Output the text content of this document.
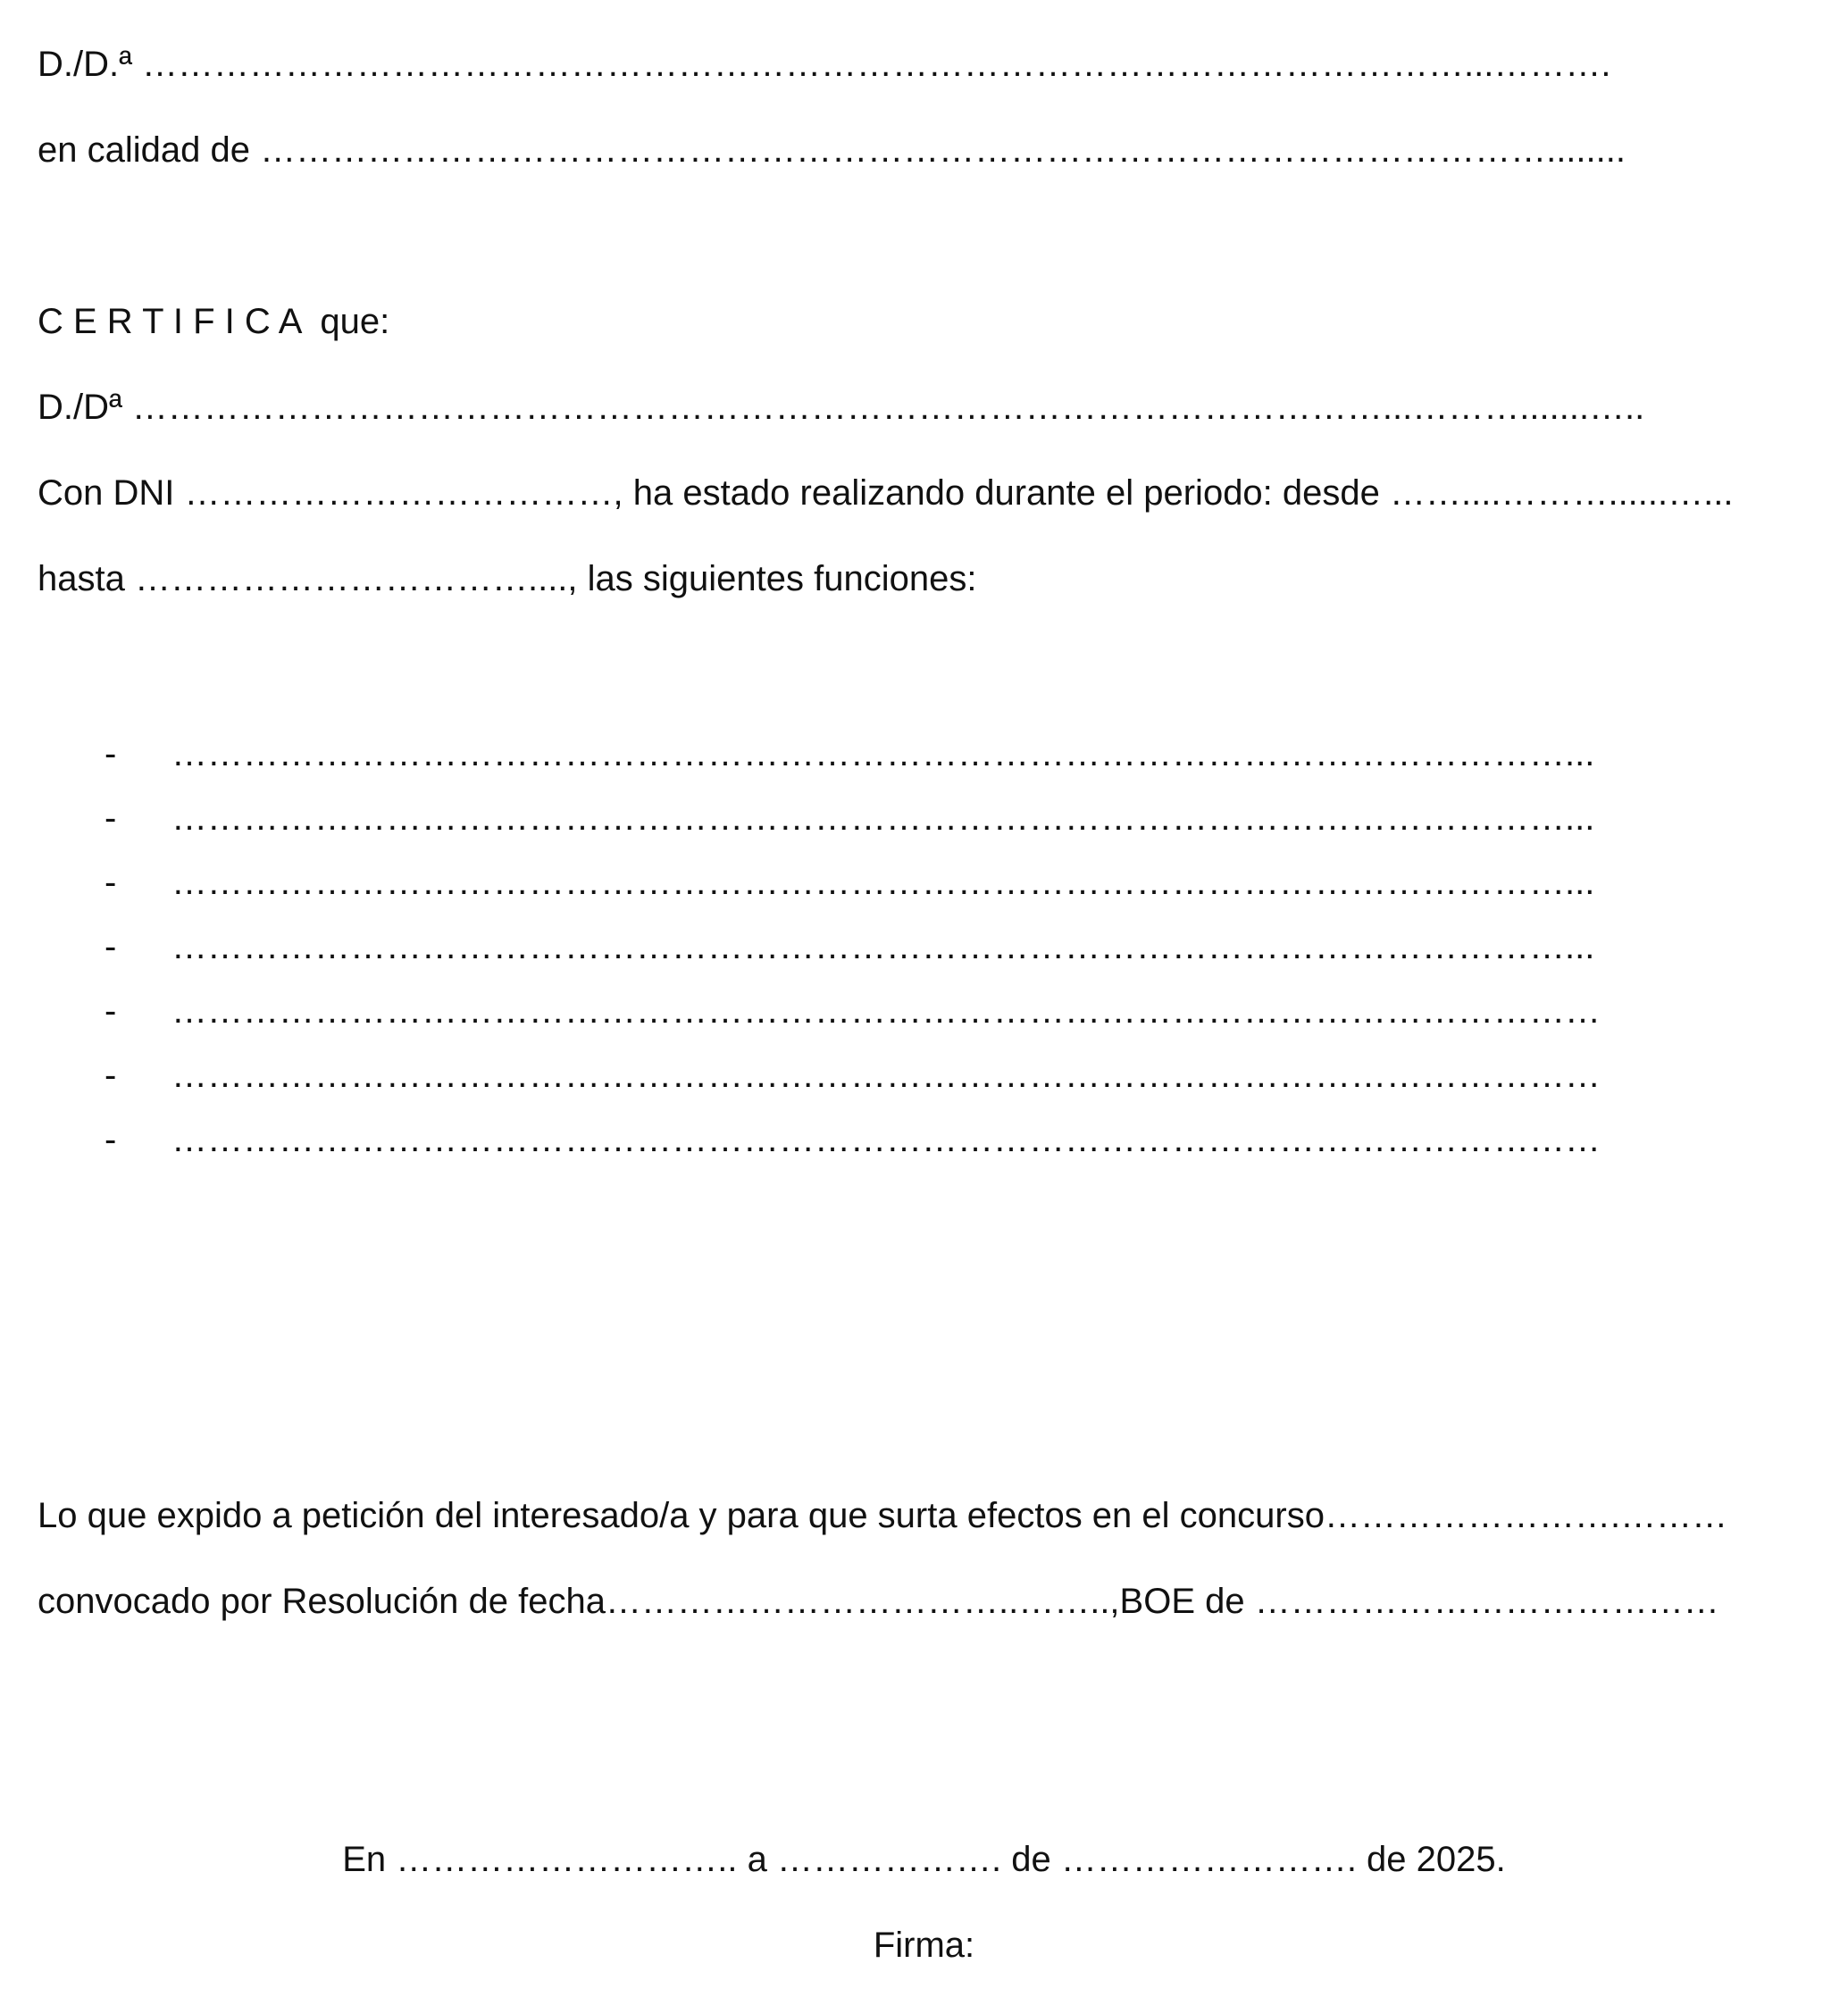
D./D.ª …………………………………………………………………………………………………...……….
en calidad de ………………………………………………………………………………………………........
C E R T I F I C A  que:
D./Dª ……………………………………………………………………………………………...……….......…..
Con DNI ………………………………, ha estado realizando durante el periodo: desde ……....………......…...
hasta ……………………………...., las siguientes funciones:
- ………………………………………………………………………………………………………...
- ………………………………………………………………………………………………………...
- ………………………………………………………………………………………………………...
- ………………………………………………………………………………………………………...
- …………………………………………………………………………………………………………
- …………………………………………………………………………………………………………
- …………………………………………………………………………………………………………
Lo que expido a petición del interesado/a y para que surta efectos en el concurso…………………….………
convocado por Resolución de fecha……………………………..……..,BOE de …………………………………
En ……………………….. a ………………. de ……………………. de 2025.
Firma:
